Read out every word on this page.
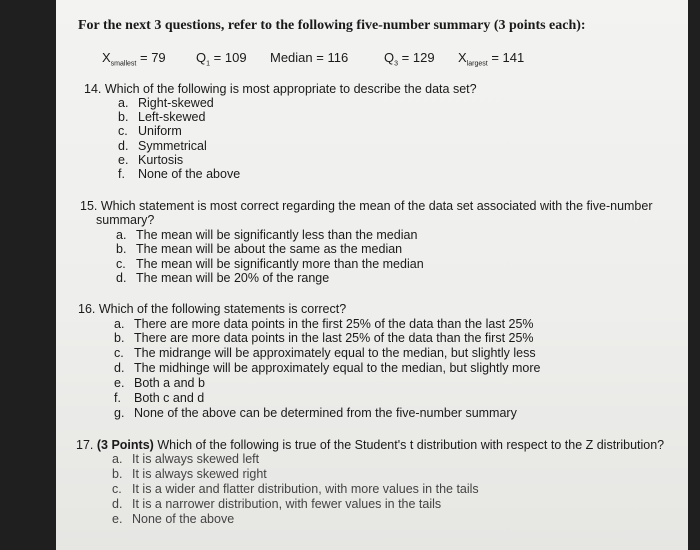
For the next 3 questions, refer to the following five-number summary (3 points each):
$X_{smallest} = 79$ $Q_1 = 109$ Median = 116	$Q_3 = 129$ $X_{largest} = 141$
14. Which of the following is most appropriate to describe the data set?
a. Right-skewed
b. Left-skewed
c. Uniform
d. Symmetrical
e. Kurtosis
f. None of the above
15. Which statement is most correct regarding the mean of the data set associated with the five-number
summary?
a. The mean will be significantly less than the median
b. The mean will be about the same as the median
c. The mean will be significantly more than the median
d. The mean will be 20% of the range
16. Which of the following statements is correct?
a. There are more data points in the first 25% of the data than the last 25%
b. There are more data points in the last 25% of the data than the first 25%
c. The midrange will be approximately equal to the median, but slightly less
d. The midhinge will be approximately equal to the median, but slightly more
e. Both a and b
f. Both c and d
g. None of the above can be determined from the five-number summary
17. (3 Points) Which of the following is true of the Student's t distribution with respect to the Z distribution?
a. It is always skewed left
b. It is always skewed right
c. It is a wider and flatter distribution, with more values in the tails
d. It is a narrower distribution, with fewer values in the tails
e. None of the above
